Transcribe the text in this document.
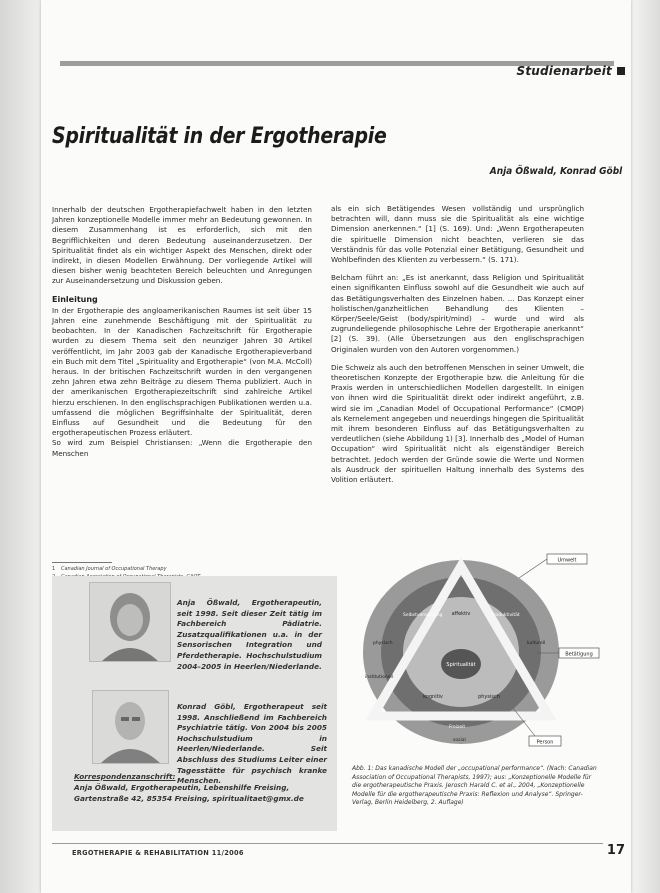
Studienarbeit
Spiritualität in der Ergotherapie
Anja Ößwald, Konrad Göbl

Innerhalb der deutschen Ergotherapiefachwelt haben in den letzten Jahren konzeptionelle Modelle immer mehr an Bedeutung gewonnen. In diesem Zusammenhang ist es erforderlich, sich mit den Begrifflichkeiten und deren Bedeutung auseinanderzusetzen. Der Spiritualität findet als ein wichtiger Aspekt des Menschen, direkt oder indirekt, in diesen Modellen Erwähnung. Der vorliegende Artikel will diesen bisher wenig beachteten Bereich beleuchten und Anregungen zur Auseinandersetzung und Diskussion geben.

Einleitung

In der Ergotherapie des angloamerikanischen Raumes ist seit über 15 Jahren eine zunehmende Beschäftigung mit der Spiritualität zu beobachten. In der Kanadischen Fachzeitschrift für Ergotherapie wurden zu diesem Thema seit den neunziger Jahren 30 Artikel veröffentlicht, im Jahr 2003 gab der Kanadische Ergotherapieverband ein Buch mit dem Titel „Spirituality and Ergotherapie“ (von M.A. McColl) heraus. In der britischen Fachzeitschrift wurden in den vergangenen zehn Jahren etwa zehn Beiträge zu diesem Thema publiziert. Auch in der amerikanischen Ergotherapiezeitschrift sind zahlreiche Artikel hierzu erschienen. In den englischsprachigen Publikationen werden u.a. umfassend die möglichen Begriffsinhalte der Spiritualität, deren Einfluss auf Gesundheit und die Bedeutung für den ergotherapeutischen Prozess erläutert.

So wird zum Beispiel Christiansen: „Wenn die Ergotherapie den Menschen

1 Canadian Journal of Occupational Therapy

als ein sich Betätigendes Wesen vollständig und ursprünglich betrachten will, dann muss sie die Spiritualität als eine wichtige Dimension anerkennen.“ [1] (S. 169). Und: „Wenn Ergotherapeuten die spirituelle Dimension nicht beachten, verlieren sie das Verständnis für das volle Potenzial einer Betätigung, Gesundheit und Wohlbefinden des Klienten zu verbessern.“ (S. 171).

Belcham führt an: „Es ist anerkannt, dass Religion und Spiritualität einen signifikanten Einfluss sowohl auf die Gesundheit wie auch auf das Betätigungsverhalten des Einzelnen haben. ... Das Konzept einer holistischen/ganzheitlichen Behandlung des Klienten – Körper/Seele/Geist (body/spirit/mind) – wurde und wird als zugrundeliegende philosophische Lehre der Ergotherapie anerkannt“ [2] (S. 39). (Alle Übersetzungen aus den englischsprachigen Originalen wurden von den Autoren vorgenommen.)

Die Schweiz als auch den betroffenen Menschen in seiner Umwelt, die theoretischen Konzepte der Ergotherapie bzw. die Anleitung für die Praxis werden in unterschiedlichen Modellen dargestellt. In einigen von ihnen wird die Spiritualität direkt oder indirekt angeführt, z.B. wird sie im „Canadian Model of Occupational Performance“ (CMOP) als Kernelement angegeben und neuerdings hingegen die Spiritualität mit ihrem besonderen Einfluss auf das Betätigungsverhalten zu verdeutlichen (siehe Abbildung 1) [3]. Innerhalb des „Model of Human Occupation“ wird Spiritualität nicht als eigenständiger Bereich betrachtet. Jedoch werden der Gründe sowie die Werte und Normen als Ausdruck der spirituellen Haltung innerhalb des Systems des Volition erläutert.

Anja Ößwald, Ergotherapeutin, seit 1998. Seit dieser Zeit tätig im Fachbereich Pädiatrie. Zusatzqualifikationen u.a. in der Sensorischen Integration und Pferdetherapie. Hochschulstudium 2004–2005 in Heerlen/Niederlande.
Konrad Göbl, Ergotherapeut seit 1998. Anschließend im Fachbereich Psychiatrie tätig. Von 2004 bis 2005 Hochschulstudium in Heerlen/Niederlande. Seit Abschluss des Studiums Leiter einer Tagesstätte für psychisch kranke Menschen.
Korrespondenzanschrift:
Anja Ößwald, Ergotherapeutin, Lebenshilfe Freising,
Gartenstraße 42, 85354 Freising, spiritualitaet@gmx.de
Spiritualität
affektiv
kognitiv	physisch
physisch
institutionell
kulturell
sozial
Selbstversorgung	Produktivität
Freizeit
Umwelt
Betätigung
Person
Abb. 1: Das kanadische Modell der „occupational performance“. (Nach: Canadian Association of Occupational Therapists, 1997); aus: „Konzeptionelle Modelle für die ergotherapeutische Praxis. Jerosch Harald C. et al., 2004, „Konzeptionelle Modelle für die ergotherapeutische Praxis: Reflexion und Analyse“. Springer-Verlag, Berlin Heidelberg, 2. Auflage)
ERGOTHERAPIE & REHABILITATION 11/2006	17
